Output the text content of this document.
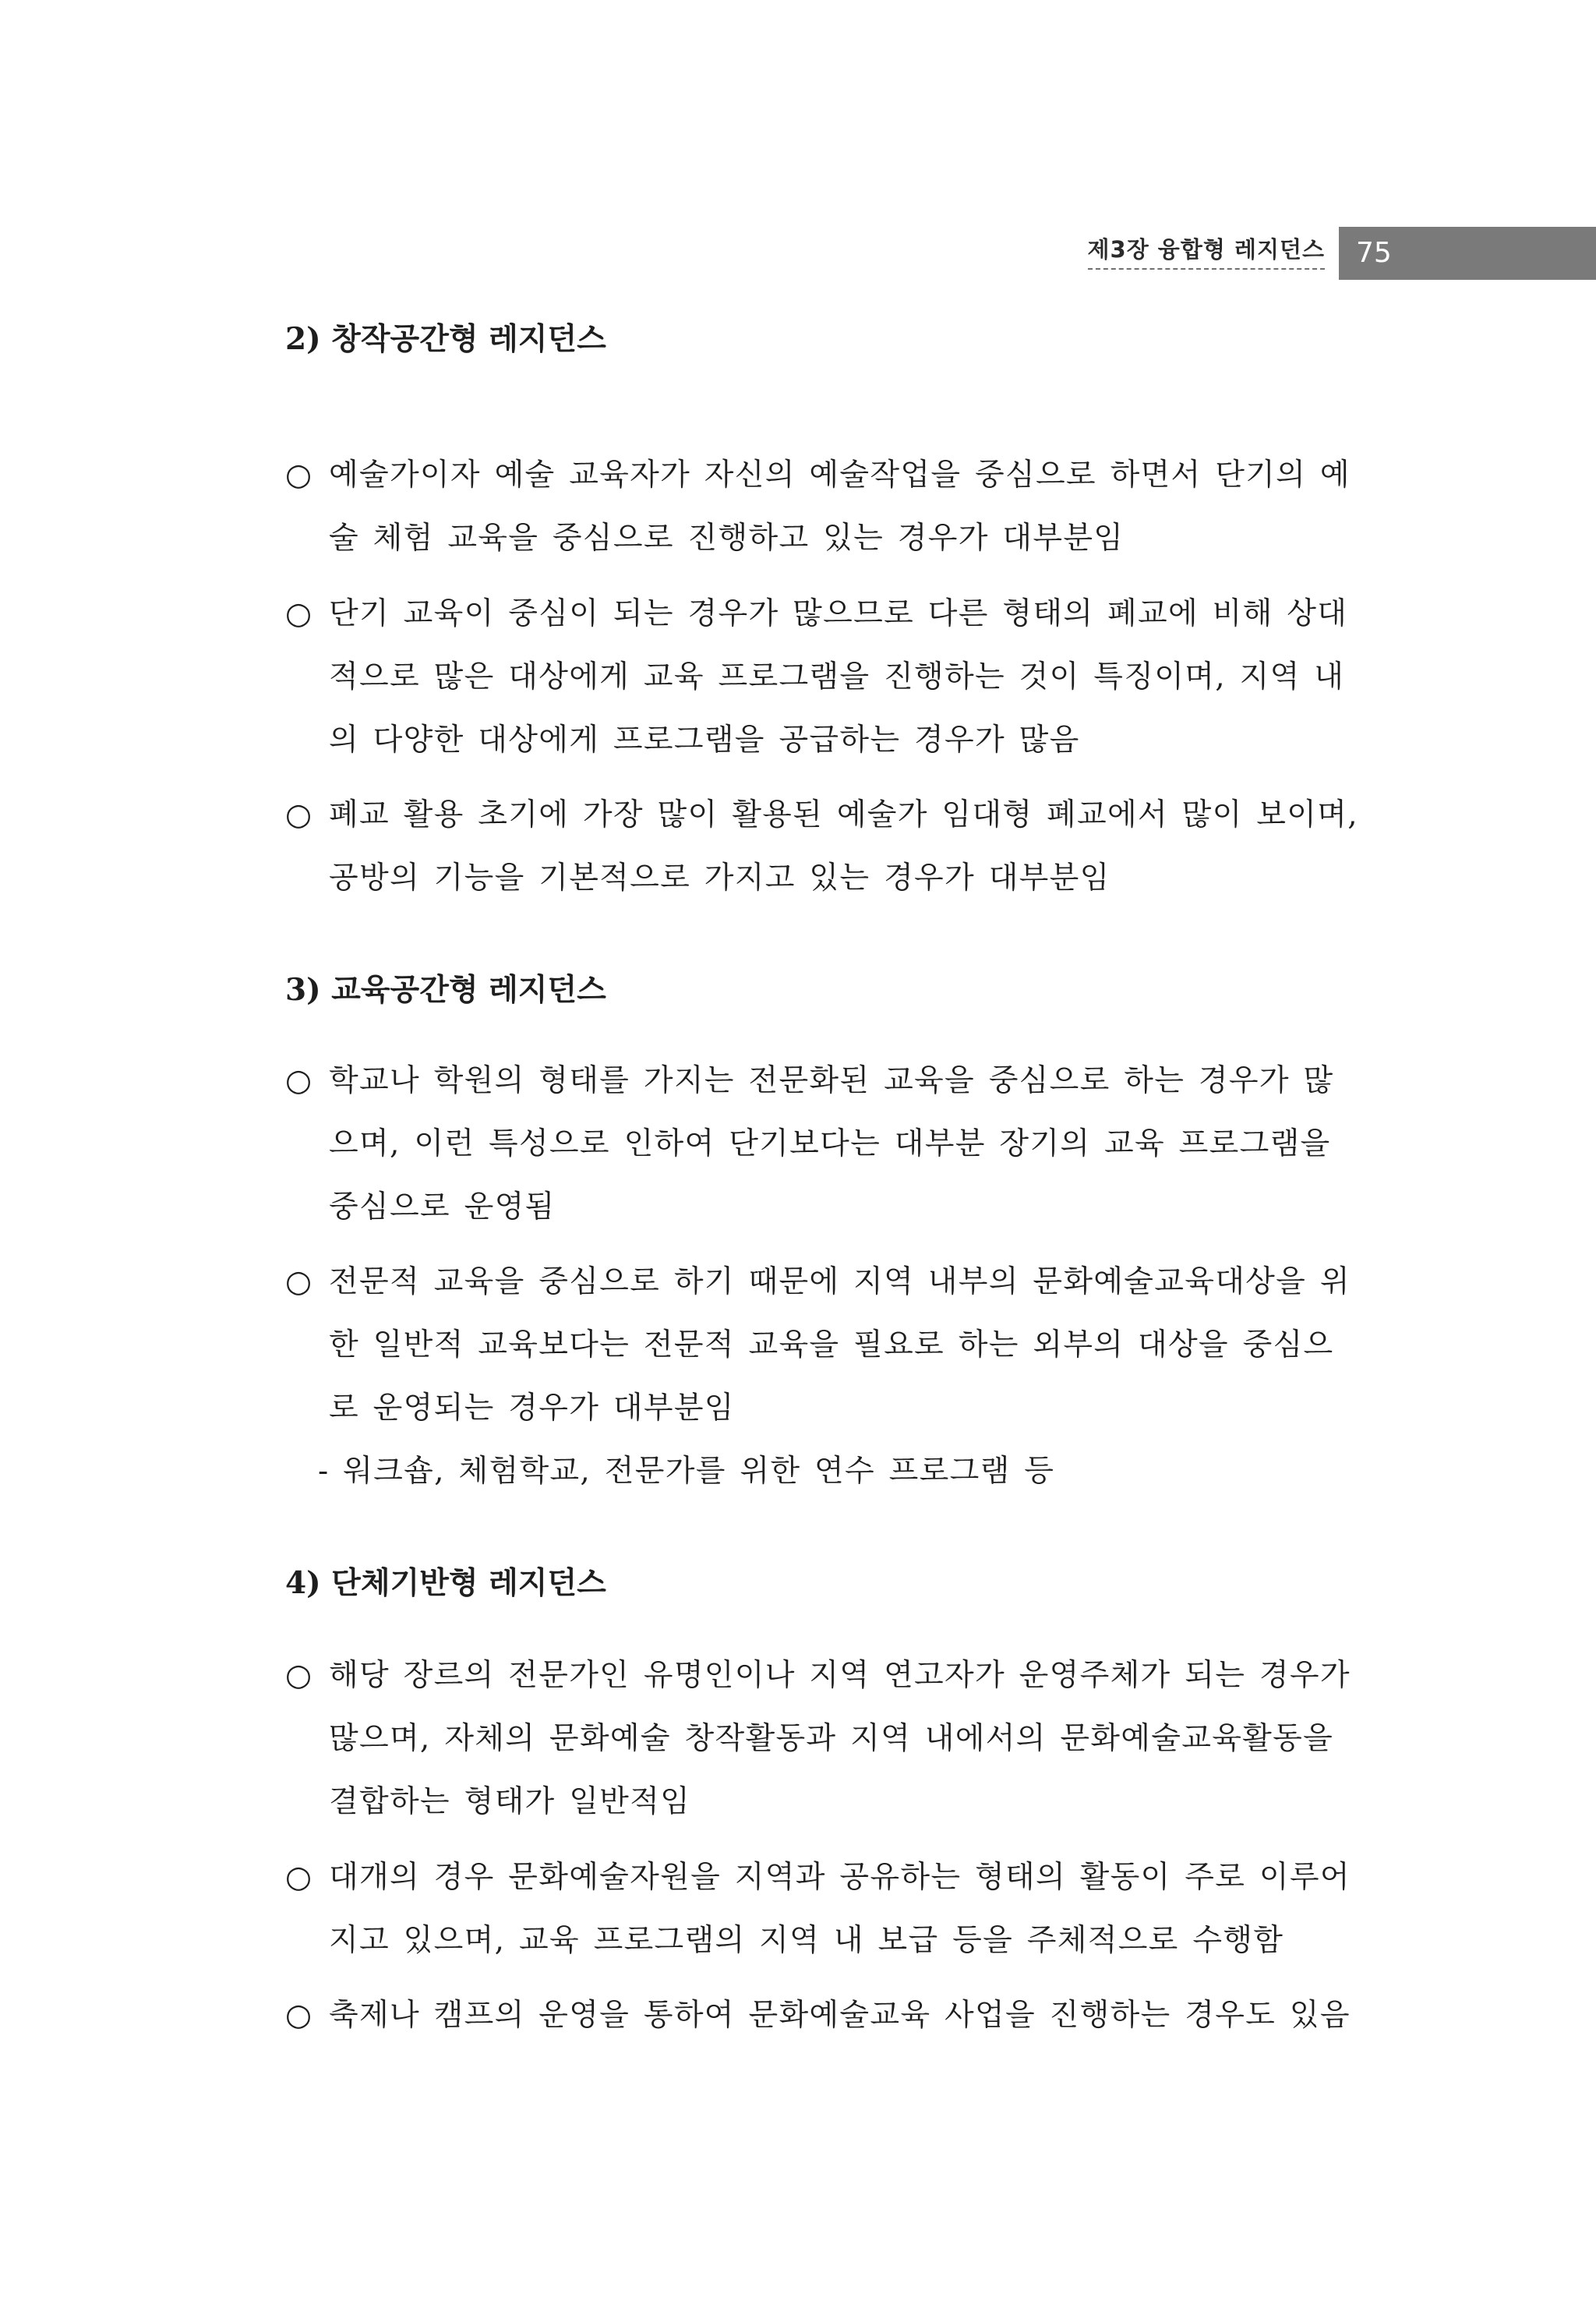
제3장 융합형 레지던스 75
2) 창작공간형 레지던스
○ 예술가이자 예술 교육자가 자신의 예술작업을 중심으로 하면서 단기의 예
술 체험 교육을 중심으로 진행하고 있는 경우가 대부분임
○ 단기 교육이 중심이 되는 경우가 많으므로 다른 형태의 폐교에 비해 상대
적으로 많은 대상에게 교육 프로그램을 진행하는 것이 특징이며, 지역 내
의 다양한 대상에게 프로그램을 공급하는 경우가 많음
○ 폐교 활용 초기에 가장 많이 활용된 예술가 임대형 폐교에서 많이 보이며,
공방의 기능을 기본적으로 가지고 있는 경우가 대부분임
3) 교육공간형 레지던스
○ 학교나 학원의 형태를 가지는 전문화된 교육을 중심으로 하는 경우가 많
으며, 이런 특성으로 인하여 단기보다는 대부분 장기의 교육 프로그램을
중심으로 운영됨
○ 전문적 교육을 중심으로 하기 때문에 지역 내부의 문화예술교육대상을 위
한 일반적 교육보다는 전문적 교육을 필요로 하는 외부의 대상을 중심으
로 운영되는 경우가 대부분임
- 워크숍, 체험학교, 전문가를 위한 연수 프로그램 등
4) 단체기반형 레지던스
○ 해당 장르의 전문가인 유명인이나 지역 연고자가 운영주체가 되는 경우가
많으며, 자체의 문화예술 창작활동과 지역 내에서의 문화예술교육활동을
결합하는 형태가 일반적임
○ 대개의 경우 문화예술자원을 지역과 공유하는 형태의 활동이 주로 이루어
지고 있으며, 교육 프로그램의 지역 내 보급 등을 주체적으로 수행함
○ 축제나 캠프의 운영을 통하여 문화예술교육 사업을 진행하는 경우도 있음
